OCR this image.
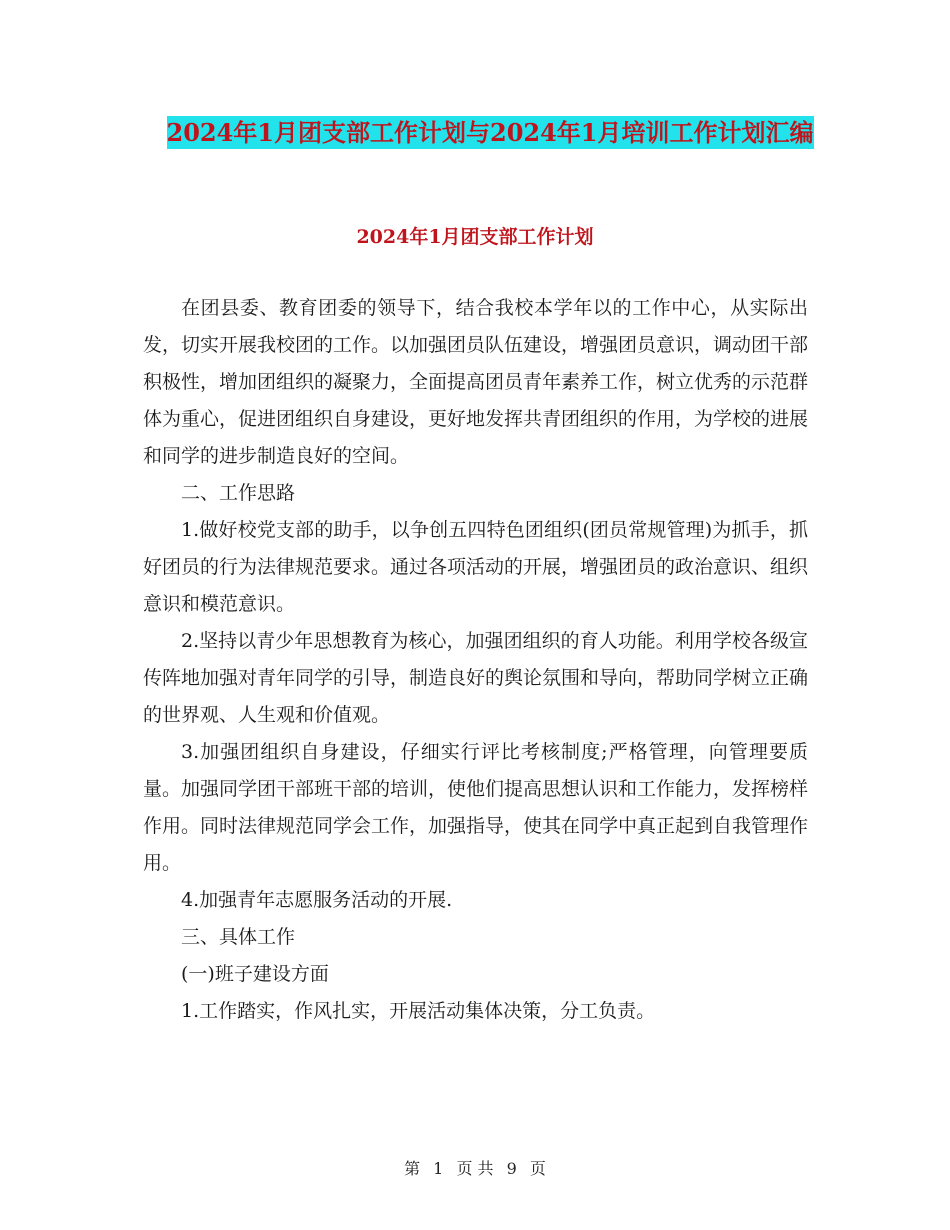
2024年1月团支部工作计划与2024年1月培训工作计划汇编
2024年1月团支部工作计划

在团县委、教育团委的领导下，结合我校本学年以的工作中心，从实际出发，切实开展我校团的工作。以加强团员队伍建设，增强团员意识，调动团干部积极性，增加团组织的凝聚力，全面提高团员青年素养工作，树立优秀的示范群体为重心，促进团组织自身建设，更好地发挥共青团组织的作用，为学校的进展和同学的进步制造良好的空间。

二、工作思路

1.做好校党支部的助手，以争创五四特色团组织(团员常规管理)为抓手，抓好团员的行为法律规范要求。通过各项活动的开展，增强团员的政治意识、组织意识和模范意识。

2.坚持以青少年思想教育为核心，加强团组织的育人功能。利用学校各级宣传阵地加强对青年同学的引导，制造良好的舆论氛围和导向，帮助同学树立正确的世界观、人生观和价值观。

3.加强团组织自身建设，仔细实行评比考核制度;严格管理，向管理要质量。加强同学团干部班干部的培训，使他们提高思想认识和工作能力，发挥榜样作用。同时法律规范同学会工作，加强指导，使其在同学中真正起到自我管理作用。

4.加强青年志愿服务活动的开展.

三、具体工作

(一)班子建设方面

1.工作踏实，作风扎实，开展活动集体决策，分工负责。

第 1 页 共 9 页
